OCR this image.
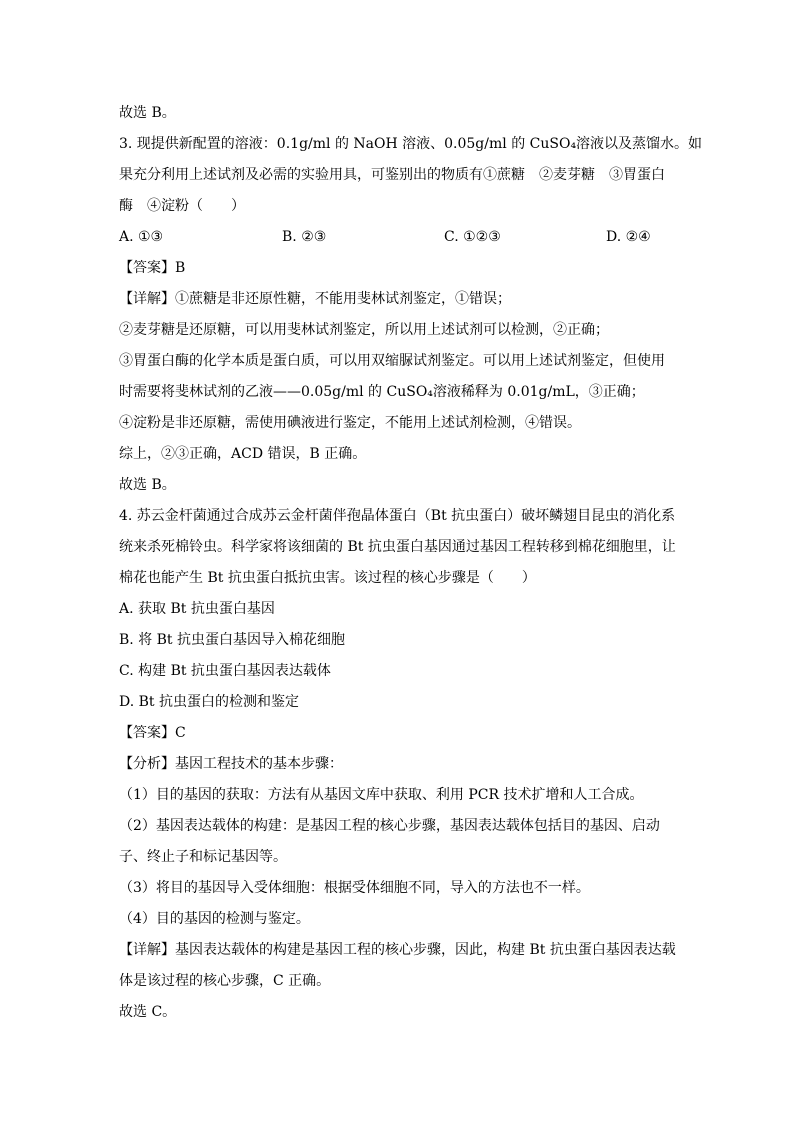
故选 B。
3. 现提供新配置的溶液：0.1g/ml 的 NaOH 溶液、0.05g/ml 的 CuSO₄溶液以及蒸馏水。如
果充分利用上述试剂及必需的实验用具，可鉴别出的物质有①蔗糖　②麦芽糖　③胃蛋白
酶　④淀粉（　　）
A. ①③	B. ②③	C. ①②③	D. ②④
【答案】B
【详解】①蔗糖是非还原性糖，不能用斐林试剂鉴定，①错误；
②麦芽糖是还原糖，可以用斐林试剂鉴定，所以用上述试剂可以检测，②正确；
③胃蛋白酶的化学本质是蛋白质，可以用双缩脲试剂鉴定。可以用上述试剂鉴定，但使用
时需要将斐林试剂的乙液——0.05g/ml 的 CuSO₄溶液稀释为 0.01g/mL，③正确；
④淀粉是非还原糖，需使用碘液进行鉴定，不能用上述试剂检测，④错误。
综上，②③正确，ACD 错误，B 正确。
故选 B。
4. 苏云金杆菌通过合成苏云金杆菌伴孢晶体蛋白（Bt 抗虫蛋白）破坏鳞翅目昆虫的消化系
统来杀死棉铃虫。科学家将该细菌的 Bt 抗虫蛋白基因通过基因工程转移到棉花细胞里，让
棉花也能产生 Bt 抗虫蛋白抵抗虫害。该过程的核心步骤是（　　）
A. 获取 Bt 抗虫蛋白基因
B. 将 Bt 抗虫蛋白基因导入棉花细胞
C. 构建 Bt 抗虫蛋白基因表达载体
D. Bt 抗虫蛋白的检测和鉴定
【答案】C
【分析】基因工程技术的基本步骤：
（1）目的基因的获取：方法有从基因文库中获取、利用 PCR 技术扩增和人工合成。
（2）基因表达载体的构建：是基因工程的核心步骤，基因表达载体包括目的基因、启动
子、终止子和标记基因等。
（3）将目的基因导入受体细胞：根据受体细胞不同，导入的方法也不一样。
（4）目的基因的检测与鉴定。
【详解】基因表达载体的构建是基因工程的核心步骤，因此，构建 Bt 抗虫蛋白基因表达载
体是该过程的核心步骤，C 正确。
故选 C。
